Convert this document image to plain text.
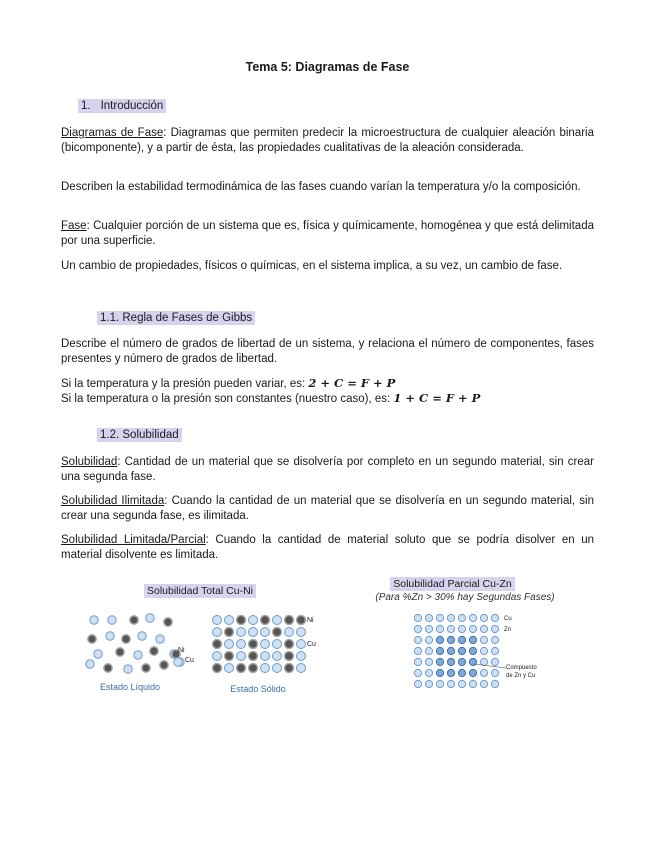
Tema 5: Diagramas de Fase
1. Introducción
Diagramas de Fase: Diagramas que permiten predecir la microestructura de cualquier aleación binaria (bicomponente), y a partir de ésta, las propiedades cualitativas de la aleación considerada.
Describen la estabilidad termodinámica de las fases cuando varían la temperatura y/o la composición.
Fase: Cualquier porción de un sistema que es, física y químicamente, homogénea y que está delimitada por una superficie.
Un cambio de propiedades, físicos o químicas, en el sistema implica, a su vez, un cambio de fase.
1.1. Regla de Fases de Gibbs
Describe el número de grados de libertad de un sistema, y relaciona el número de componentes, fases presentes y número de grados de libertad.
Si la temperatura y la presión pueden variar, es: 2 + C = F + P
Si la temperatura o la presión son constantes (nuestro caso), es: 1 + C = F + P
1.2. Solubilidad
Solubilidad: Cantidad de un material que se disolvería por completo en un segundo material, sin crear una segunda fase.
Solubilidad Ilimitada: Cuando la cantidad de un material que se disolvería en un segundo material, sin crear una segunda fase, es ilimitada.
Solubilidad Limitada/Parcial: Cuando la cantidad de material soluto que se podría disolver en un material disolvente es limitada.
Solubilidad Total Cu-Ni
Ni
Cu
Ni
Cu
Estado Líquido	Estado Sólido
Solubilidad Parcial Cu-Zn
(Para %Zn > 30% hay Segundas Fases)
Cu
Zn
Compuesto
de Zn y Cu
